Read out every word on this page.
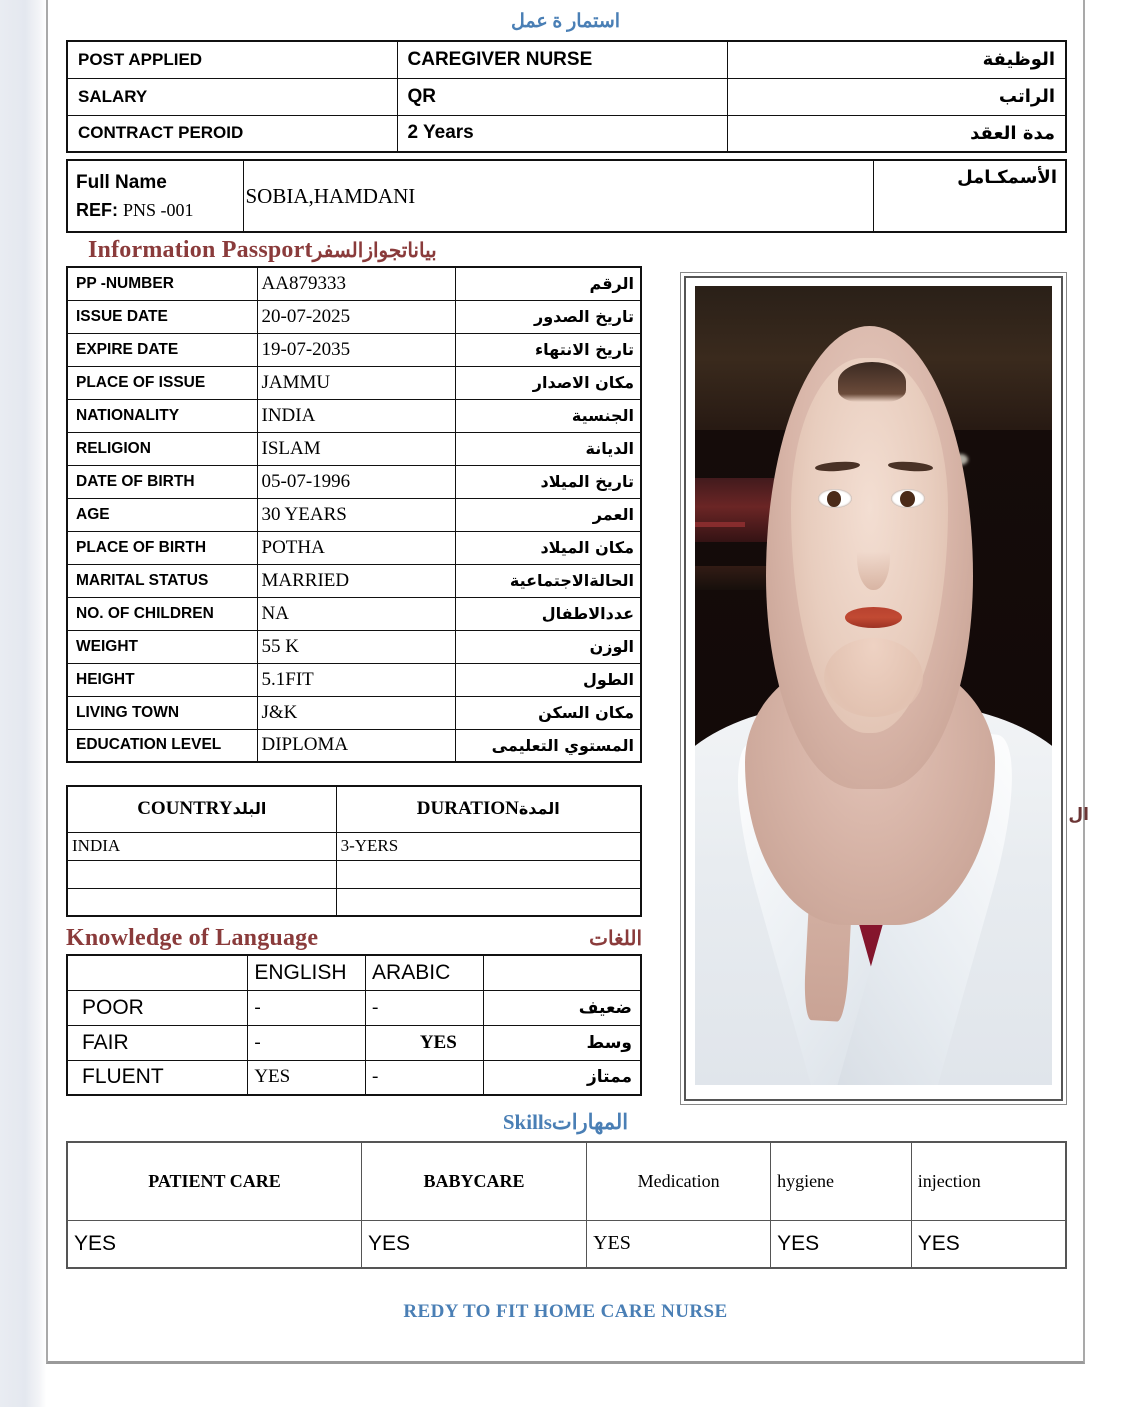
استمار ة عمل
POST APPLIED	CAREGIVER NURSE	الوظيفة
SALARY	QR	الراتب
CONTRACT PEROID	2 Years	مدة العقد
Full Name
REF: PNS -001
	SOBIA,HAMDANI	الأسمكـامل
Information Passport بياناتجوازالسفر
PP -NUMBER	AA879333	الرقم
ISSUE DATE	20-07-2025	تاريخ الصدور
EXPIRE DATE	19-07-2035	تاريخ الانتهاء
PLACE OF ISSUE	JAMMU	مكان الاصدار
NATIONALITY	INDIA	الجنسية
RELIGION	ISLAM	الديانة
DATE OF BIRTH	05-07-1996	تاريخ الميلاد
AGE	30 YEARS	العمر
PLACE OF BIRTH	POTHA	مكان الميلاد
MARITAL STATUS	MARRIED	الحالةالاجتماعية
NO. OF CHILDREN	NA	عددالاطفال
WEIGHT	55 K	الوزن
HEIGHT	5.1FIT	الطول
LIVING TOWN	J&K	مكان السكن
EDUCATION LEVEL	DIPLOMA	المستوي التعليمى
COUNTRYالبلد	DURATIONالمدة
INDIA	3-YERS

Knowledge of Language	اللغات
	ENGLISH	ARABIC	
POOR	-	-	ضعيف
FAIR	-	YES	وسط
FLUENT	YES	-	ممتاز
Skillsالمهارات
PATIENT CARE	BABYCARE	Medication	hygiene	injection
YES	YES	YES	YES	YES
REDY TO FIT HOME CARE NURSE
ال
